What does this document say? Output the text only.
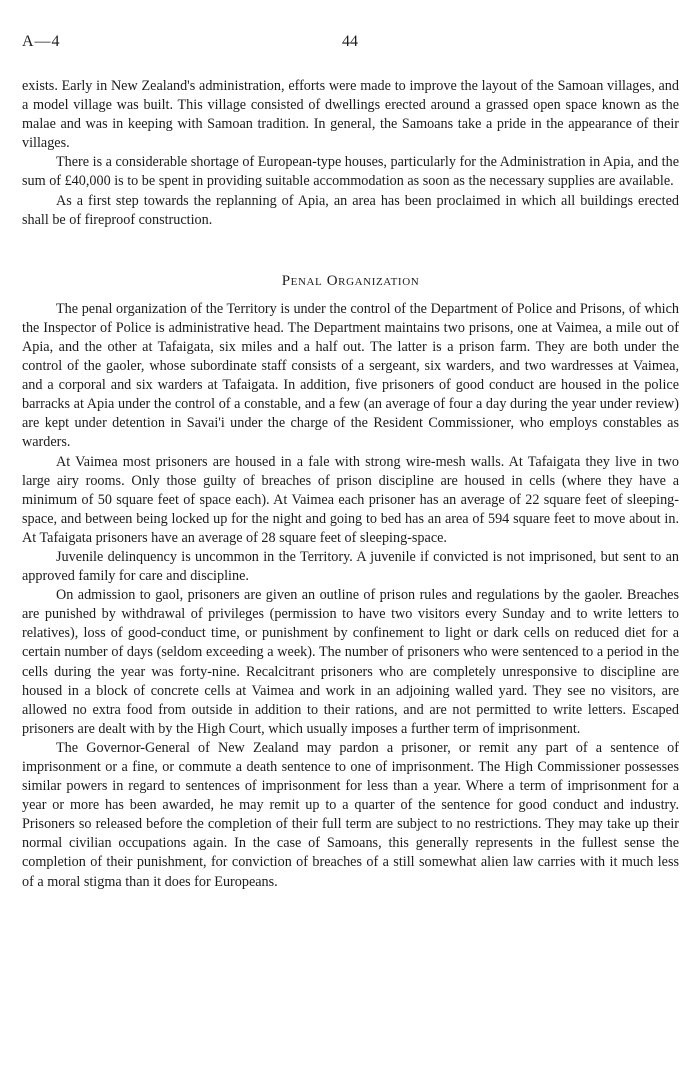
A—4	44

exists. Early in New Zealand's administration, efforts were made to improve the layout of the Samoan villages, and a model village was built. This village consisted of dwellings erected around a grassed open space known as the malae and was in keeping with Samoan tradition. In general, the Samoans take a pride in the appearance of their villages.

There is a considerable shortage of European-type houses, particularly for the Administration in Apia, and the sum of £40,000 is to be spent in providing suitable accommodation as soon as the necessary supplies are available.

As a first step towards the replanning of Apia, an area has been proclaimed in which all buildings erected shall be of fireproof construction.

Penal Organization

The penal organization of the Territory is under the control of the Department of Police and Prisons, of which the Inspector of Police is administrative head. The Department maintains two prisons, one at Vaimea, a mile out of Apia, and the other at Tafaigata, six miles and a half out. The latter is a prison farm. They are both under the control of the gaoler, whose subordinate staff consists of a sergeant, six warders, and two wardresses at Vaimea, and a corporal and six warders at Tafaigata. In addition, five prisoners of good conduct are housed in the police barracks at Apia under the control of a constable, and a few (an average of four a day during the year under review) are kept under detention in Savai'i under the charge of the Resident Commissioner, who employs constables as warders.

At Vaimea most prisoners are housed in a fale with strong wire-mesh walls. At Tafaigata they live in two large airy rooms. Only those guilty of breaches of prison discipline are housed in cells (where they have a minimum of 50 square feet of space each). At Vaimea each prisoner has an average of 22 square feet of sleeping-space, and between being locked up for the night and going to bed has an area of 594 square feet to move about in. At Tafaigata prisoners have an average of 28 square feet of sleeping-space.

Juvenile delinquency is uncommon in the Territory. A juvenile if convicted is not imprisoned, but sent to an approved family for care and discipline.

On admission to gaol, prisoners are given an outline of prison rules and regulations by the gaoler. Breaches are punished by withdrawal of privileges (permission to have two visitors every Sunday and to write letters to relatives), loss of good-conduct time, or punishment by confinement to light or dark cells on reduced diet for a certain number of days (seldom exceeding a week). The number of prisoners who were sentenced to a period in the cells during the year was forty-nine. Recalcitrant prisoners who are completely unresponsive to discipline are housed in a block of concrete cells at Vaimea and work in an adjoining walled yard. They see no visitors, are allowed no extra food from outside in addition to their rations, and are not permitted to write letters. Escaped prisoners are dealt with by the High Court, which usually imposes a further term of imprisonment.

The Governor-General of New Zealand may pardon a prisoner, or remit any part of a sentence of imprisonment or a fine, or commute a death sentence to one of imprisonment. The High Commissioner possesses similar powers in regard to sentences of imprisonment for less than a year. Where a term of imprisonment for a year or more has been awarded, he may remit up to a quarter of the sentence for good conduct and industry. Prisoners so released before the completion of their full term are subject to no restrictions. They may take up their normal civilian occupations again. In the case of Samoans, this generally represents in the fullest sense the completion of their punishment, for conviction of breaches of a still somewhat alien law carries with it much less of a moral stigma than it does for Europeans.
